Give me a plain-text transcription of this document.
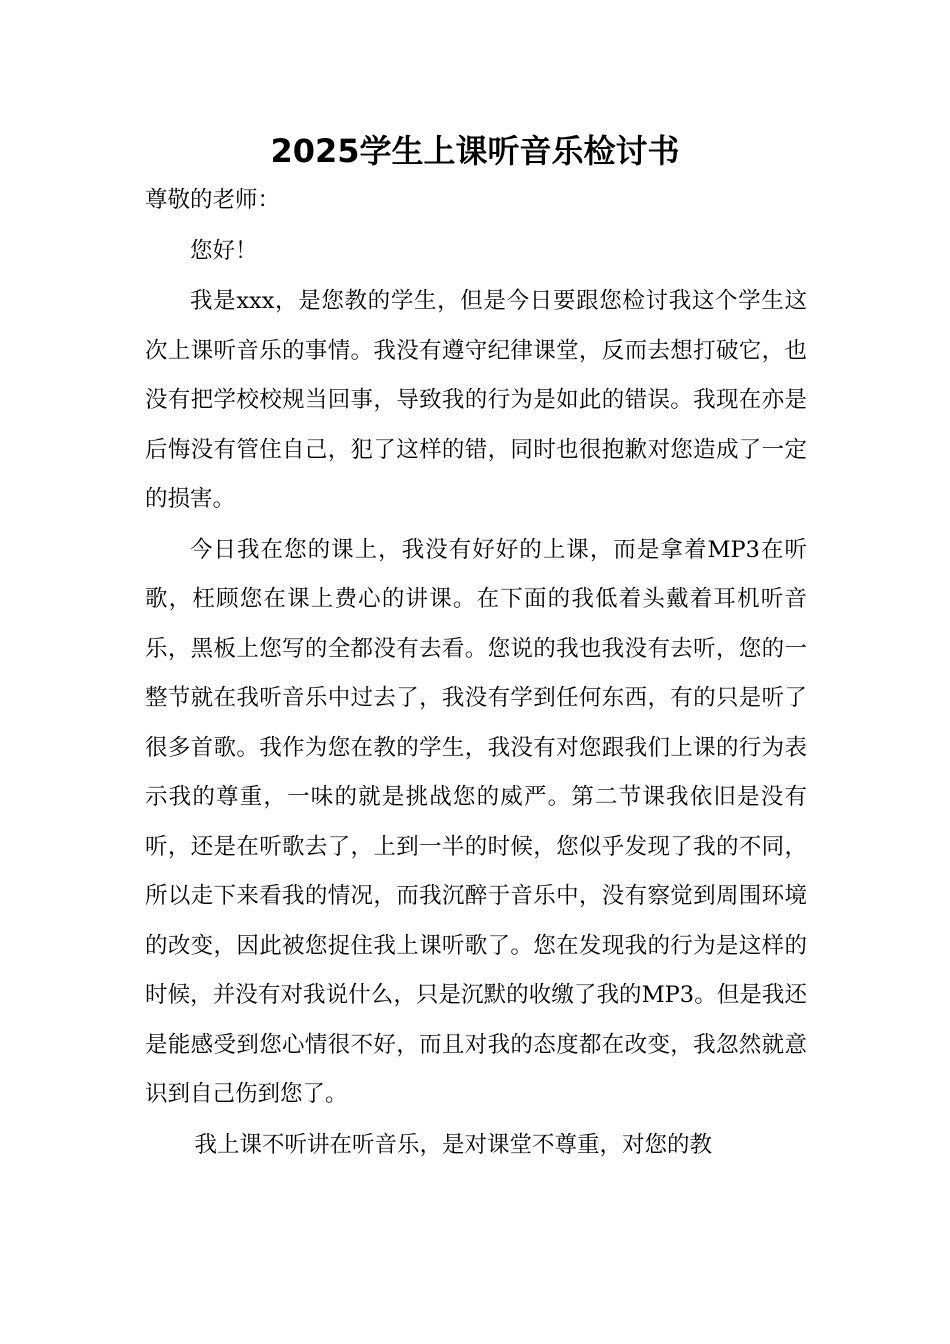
2025学生上课听音乐检讨书

尊敬的老师：

您好！

我是xxx，是您教的学生，但是今日要跟您检讨我这个学生这次上课听音乐的事情。我没有遵守纪律课堂，反而去想打破它，也没有把学校校规当回事，导致我的行为是如此的错误。我现在亦是后悔没有管住自己，犯了这样的错，同时也很抱歉对您造成了一定的损害。

今日我在您的课上，我没有好好的上课，而是拿着MP3在听歌，枉顾您在课上费心的讲课。在下面的我低着头戴着耳机听音乐，黑板上您写的全都没有去看。您说的我也我没有去听，您的一整节就在我听音乐中过去了，我没有学到任何东西，有的只是听了很多首歌。我作为您在教的学生，我没有对您跟我们上课的行为表示我的尊重，一味的就是挑战您的威严。第二节课我依旧是没有听，还是在听歌去了，上到一半的时候，您似乎发现了我的不同，所以走下来看我的情况，而我沉醉于音乐中，没有察觉到周围环境的改变，因此被您捉住我上课听歌了。您在发现我的行为是这样的时候，并没有对我说什么，只是沉默的收缴了我的MP3。但是我还是能感受到您心情很不好，而且对我的态度都在改变，我忽然就意识到自己伤到您了。

我上课不听讲在听音乐，是对课堂不尊重，对您的教
